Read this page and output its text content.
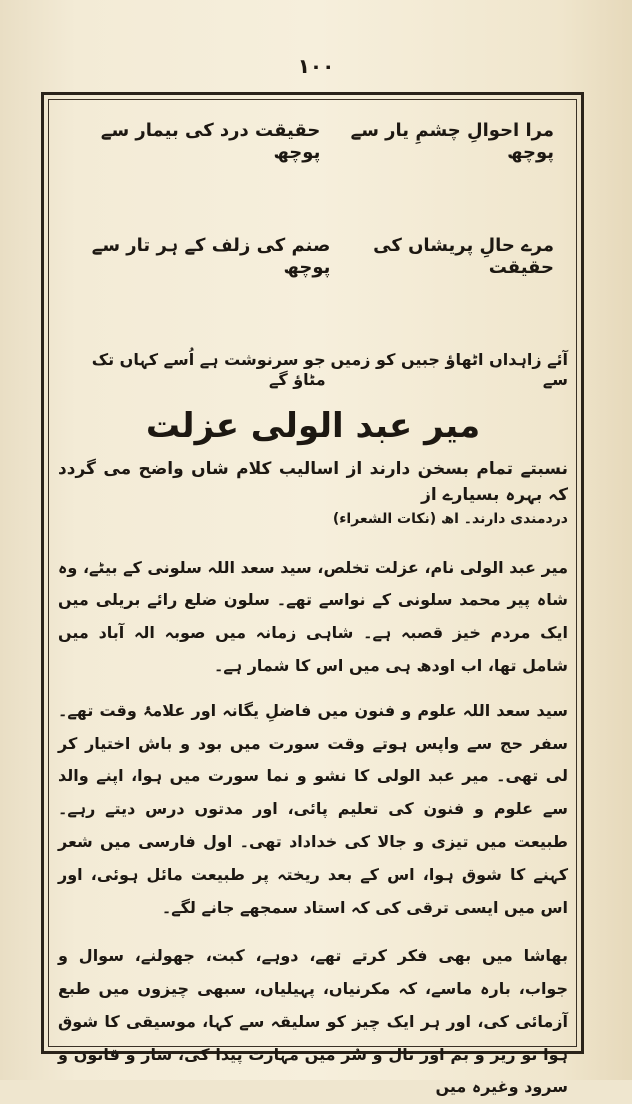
١٠٠
مرا احوالِ چشمِ یار سے پوچھ
حقیقت درد کی بیمار سے پوچھ
مرے حالِ پریشاں کی حقیقت
صنم کی زلف کے ہر تار سے پوچھ
آئے زاہداں اٹھاؤ جبیں کو زمیں سے
جو سرنوشت ہے اُسے کہاں تک مٹاؤ گے
میر عبد الولی عزلت
نسبتے تمام بسخن دارند از اسالیب کلام شاں واضح می گردد کہ بہرہ بسیارے از
دردمندی دارند۔ اھ (نکات الشعراء)
میر عبد الولی نام، عزلت تخلص، سید سعد اللہ سلونی کے بیٹے، وہ شاہ پیر محمد سلونی کے نواسے تھے۔ سلون ضلع رائے بریلی میں ایک مردم خیز قصبہ ہے۔ شاہی زمانہ میں صوبہ الہ آباد میں شامل تھا، اب اودھ ہی میں اس کا شمار ہے۔
سید سعد اللہ علوم و فنون میں فاضلِ یگانہ اور علامۂ وقت تھے۔ سفر حج سے واپس ہوتے وقت سورت میں بود و باش اختیار کر لی تھی۔ میر عبد الولی کا نشو و نما سورت میں ہوا، اپنے والد سے علوم و فنون کی تعلیم پائی، اور مدتوں درس دیتے رہے۔ طبیعت میں تیزی و جالا کی خداداد تھی۔ اول فارسی میں شعر کہنے کا شوق ہوا، اس کے بعد ریختہ پر طبیعت مائل ہوئی، اور اس میں ایسی ترقی کی کہ استاد سمجھے جانے لگے۔
بھاشا میں بھی فکر کرتے تھے، دوہے، کبت، جھولنے، سوال و جواب، بارہ ماسے، کہ مکرنیاں، پہیلیاں، سبھی چیزوں میں طبع آزمائی کی، اور ہر ایک چیز کو سلیقہ سے کہا، موسیقی کا شوق ہوا تو زیر و بم اور تال و سُر میں مہارت پیدا کی، ساز و قانون و سرود وغیرہ میں
